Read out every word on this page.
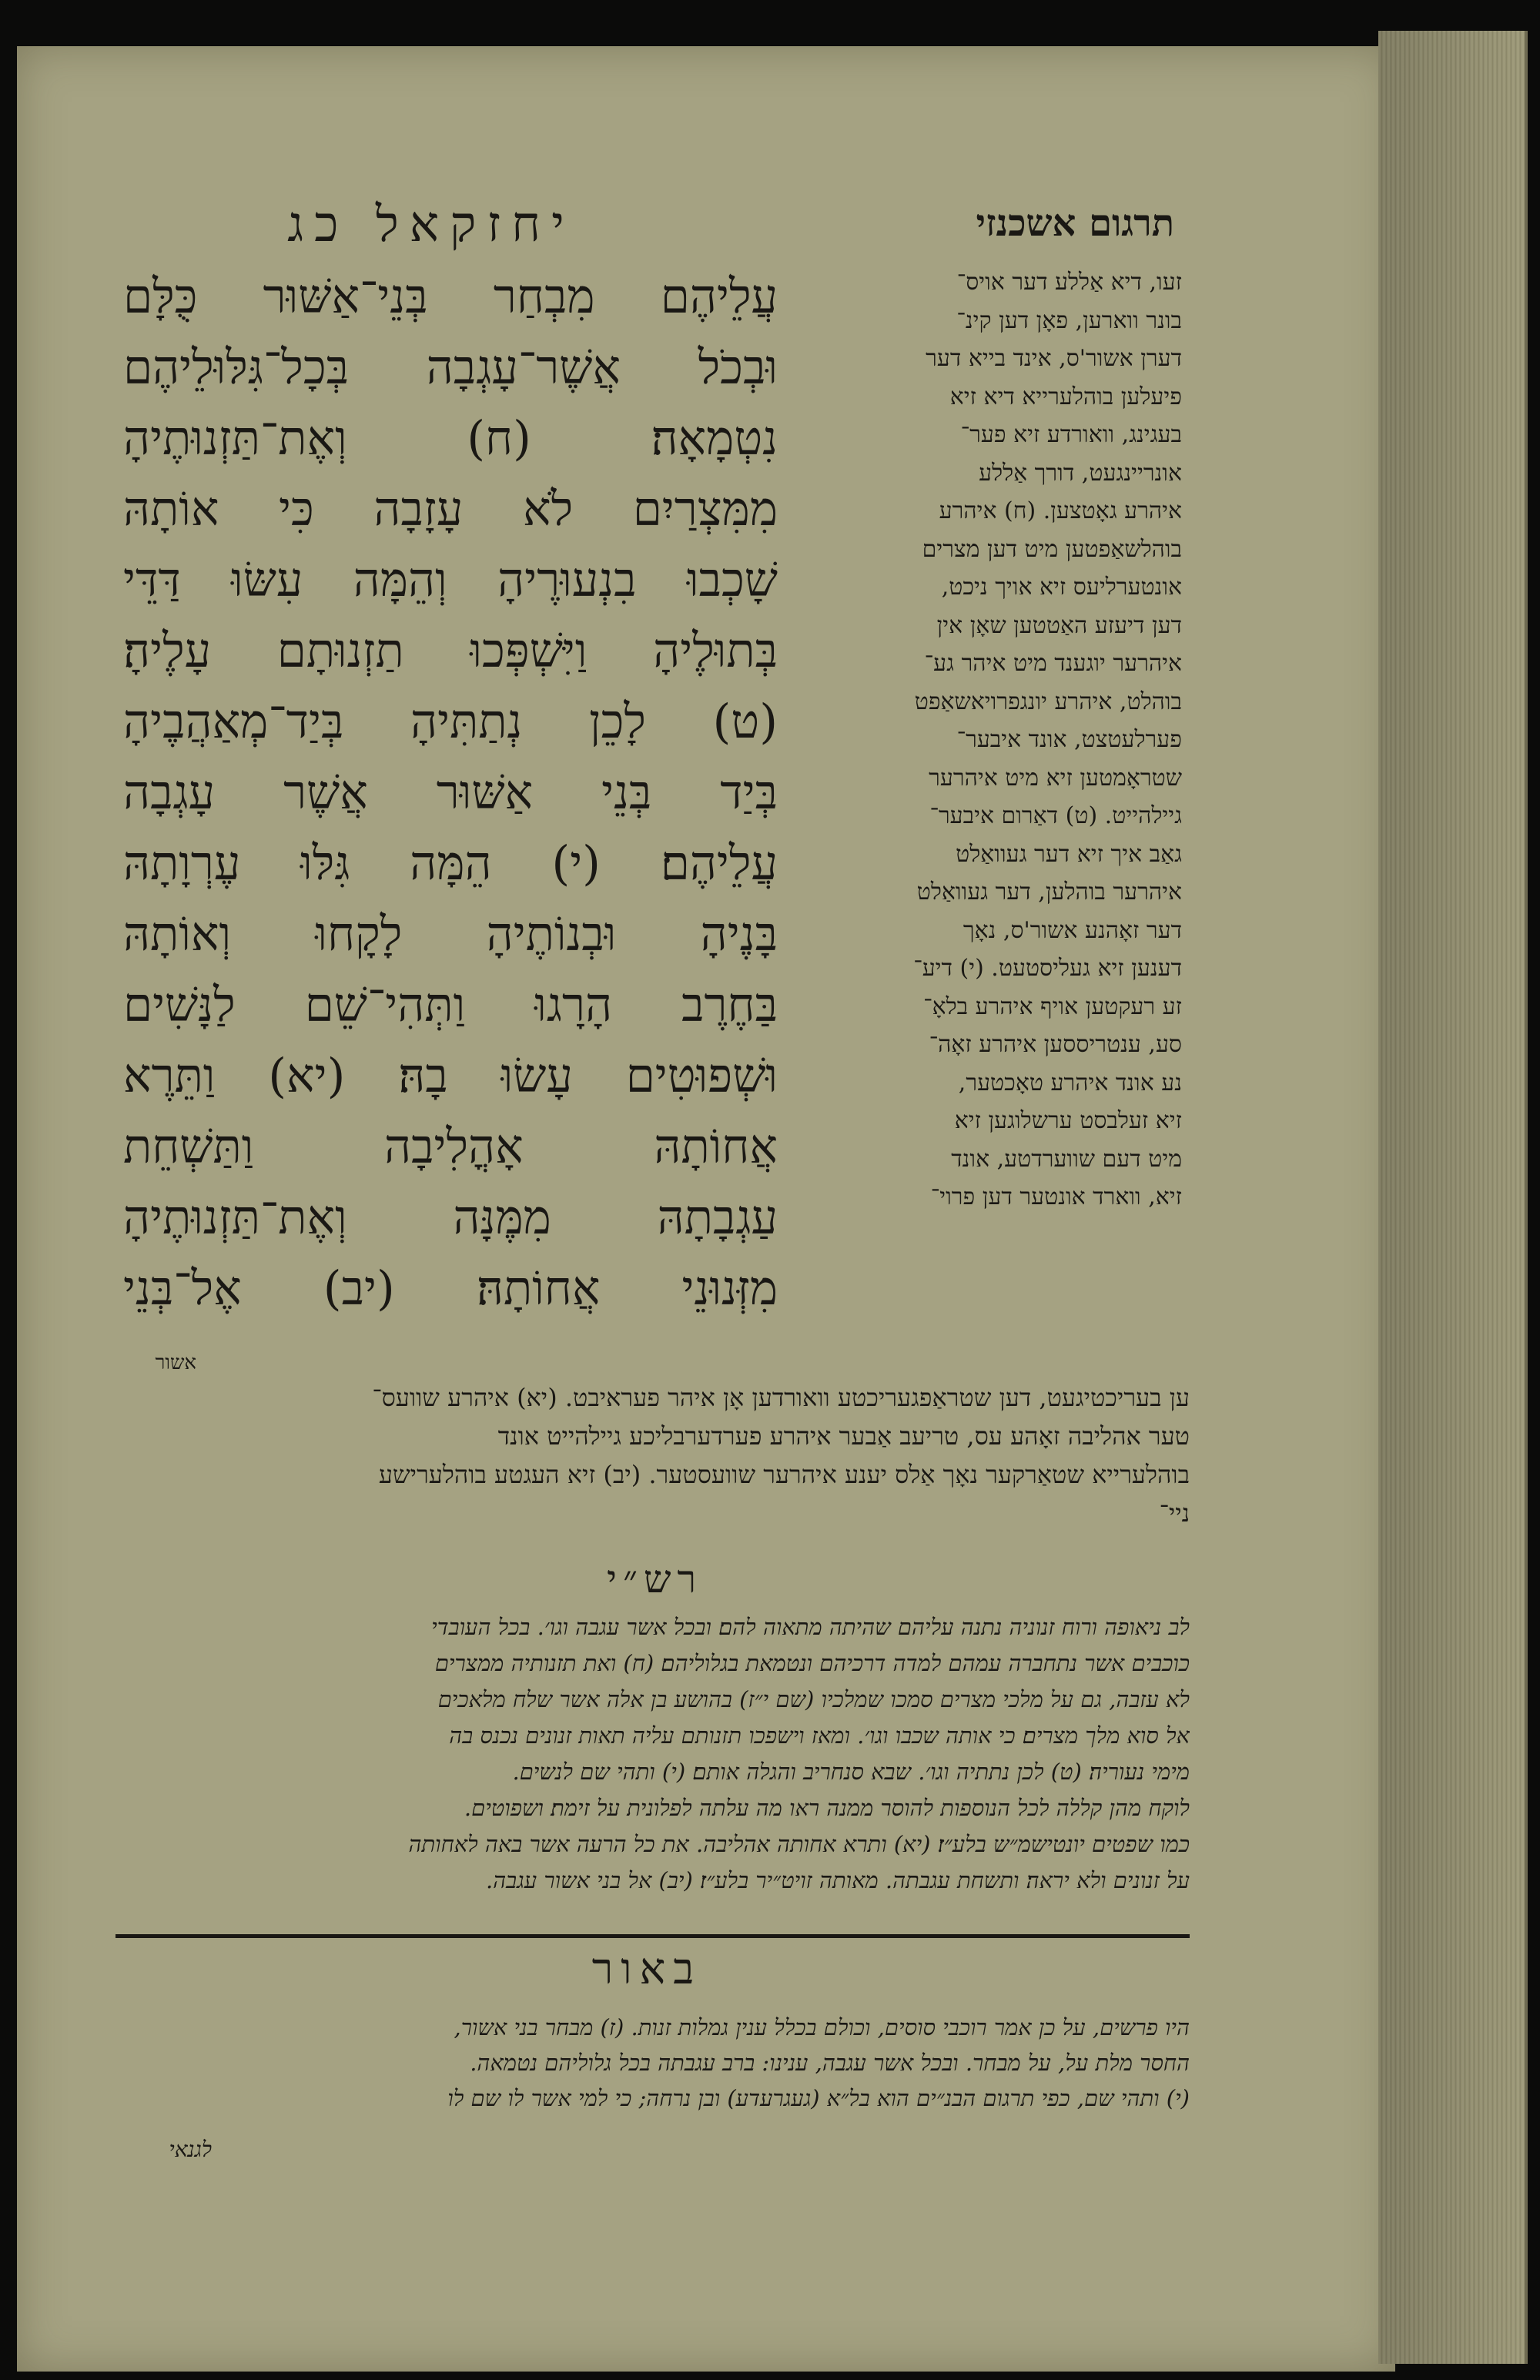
יחזקאל כג	תרגום אשכנזי
עֲלֵיהֶם מִבְחַר בְּנֵי־אַשּׁוּר כֻּלָּם
וּבְכֹל אֲשֶׁר־עָגְבָה בְּכָל־גִּלּוּלֵיהֶם
נִטְמָאָה׃ (ח) וְאֶת־תַּזְנוּתֶיהָ
מִמִּצְרַיִם לֹא עָזָבָה כִּי אוֹתָהּ
שָׁכְבוּ בִנְעוּרֶיהָ וְהֵמָּה עִשּׂוּ דַּדֵּי
בְּתוּלֶיהָ וַיִּשְׁפְּכוּ תַזְנוּתָם עָלֶיהָ׃
(ט) לָכֵן נְתַתִּיהָ בְּיַד־מְאַהֲבֶיהָ
בְּיַד בְּנֵי אַשּׁוּר אֲשֶׁר עָגְבָה
עֲלֵיהֶם׃ (י) הֵמָּה גִּלּוּ עֶרְוָתָהּ
בָּנֶיהָ וּבְנוֹתֶיהָ לָקָחוּ וְאוֹתָהּ
בַּחֶרֶב הָרָגוּ וַתְּהִי־שֵׁם לַנָּשִׁים
וּשְׁפוּטִים עָשׂוּ בָהּ׃ (יא) וַתֵּרֶא
אֲחוֹתָהּ אָהֳלִיבָה וַתַּשְׁחֵת
עַגְבָתָהּ מִמֶּנָּה וְאֶת־תַּזְנוּתֶיהָ
מִזְּנוּנֵי אֲחוֹתָהּ׃ (יב) אֶל־בְּנֵי
זעו, דיא אַללע דער אויס־
בונר ווארען, פאָן דען קינ־
דערן אשור'ס, אינד בייא דער
פיעלען בוהלערייא דיא זיא
בעגינג, וואורדע זיא פער־
אונריינגעט, דורך אַללע
איהרע גאָטצען. (ח) איהרע
בוהלשאַפטען מיט דען מצרים
אונטערליעס זיא אויך ניכט,
דען דיעזע האַטטען שאָן אין
איהרער יוגענד מיט איהר גע־
בוהלט, איהרע יונגפרויאשאַפט
פערלעטצט, אונד איבער־
שטראָמטען זיא מיט איהרער
גיילהייט. (ט) דאַרום איבער־
גאַב איך זיא דער געוואַלט
איהרער בוהלען, דער געוואַלט
דער זאָהנע אשור'ס, נאָך
דענען זיא געליסטעט. (י) דיע־
זע רעקטען אויף איהרע בלאָ־
סע, ענטריססען איהרע זאָה־
נע אונד איהרע טאָכטער,
זיא זעלבסט ערשלוגען זיא
מיט דעם שווערדטע, אונד
זיא, ווארד אונטער דען פרוי־
אשור
ען בעריכטיגעט, דען שטראַפגעריכטע וואורדען אָן איהר פעראיבט. (יא) איהרע שוועס־
טער אהליבה זאָהע עס, טריעב אַבער איהרע פערדערבליכע גיילהייט אונד
בוהלערייא שטאַרקער נאָך אַלס יענע איהרער שוועסטער. (יב) זיא העגטע בוהלערישע
ניי־
רש״י
לב ניאופה ורוח זנוניה נתנה עליהם שהיתה מתאוה להם׃ ובכל אשר עגבה וגו׳. בכל העובדי
כוכבים אשר נתחברה עמהם למדה דרכיהם ונטמאת בגלוליהם׃ (ח) ואת תזנותיה ממצרים
לא עזבה, גם על מלכי מצרים סמכו שמלכיו (שם י״ז) בהושע בן אלה אשר שלח מלאכים
אל סוא מלך מצרים׃ כי אותה שכבו וגו׳. ומאז וישפכו תזנותם עליה תאות זנונים נכנס בה
מימי נעוריה׃ (ט) לכן נתתיה וגו׳. שבא סנחריב והגלה אותם׃ (י) ותהי שם לנשים.
לוקח מהן קללה לכל הנוספות להוסר ממנה ראו מה עלתה לפלונית על זימת׃ ושפוטים.
כמו שפטים יונטישמ״ש בלע״ז׃ (יא) ותרא אחותה אהליבה. את כל הרעה אשר באה לאחותה
על זנונים ולא יראה׃ ותשחת עגבתה. מאותה זויט״יר בלע״ז׃ (יב) אל בני אשור עגבה.
באור
היו פרשים, על כן אמר רוכבי סוסים, וכולם בכלל ענין גמלות זנות. (ז) מבחר בני אשור,
החסר מלת על, על מבחר. ובכל אשר עגבה, ענינו: ברב עגבתה בכל גלוליהם נטמאה.
(י) ותהי שם, כפי תרגום הבנ״ים הוא בל״א (געגרעדע) ובן נרחה; כי למי אשר לו שם לו
לגנאי
